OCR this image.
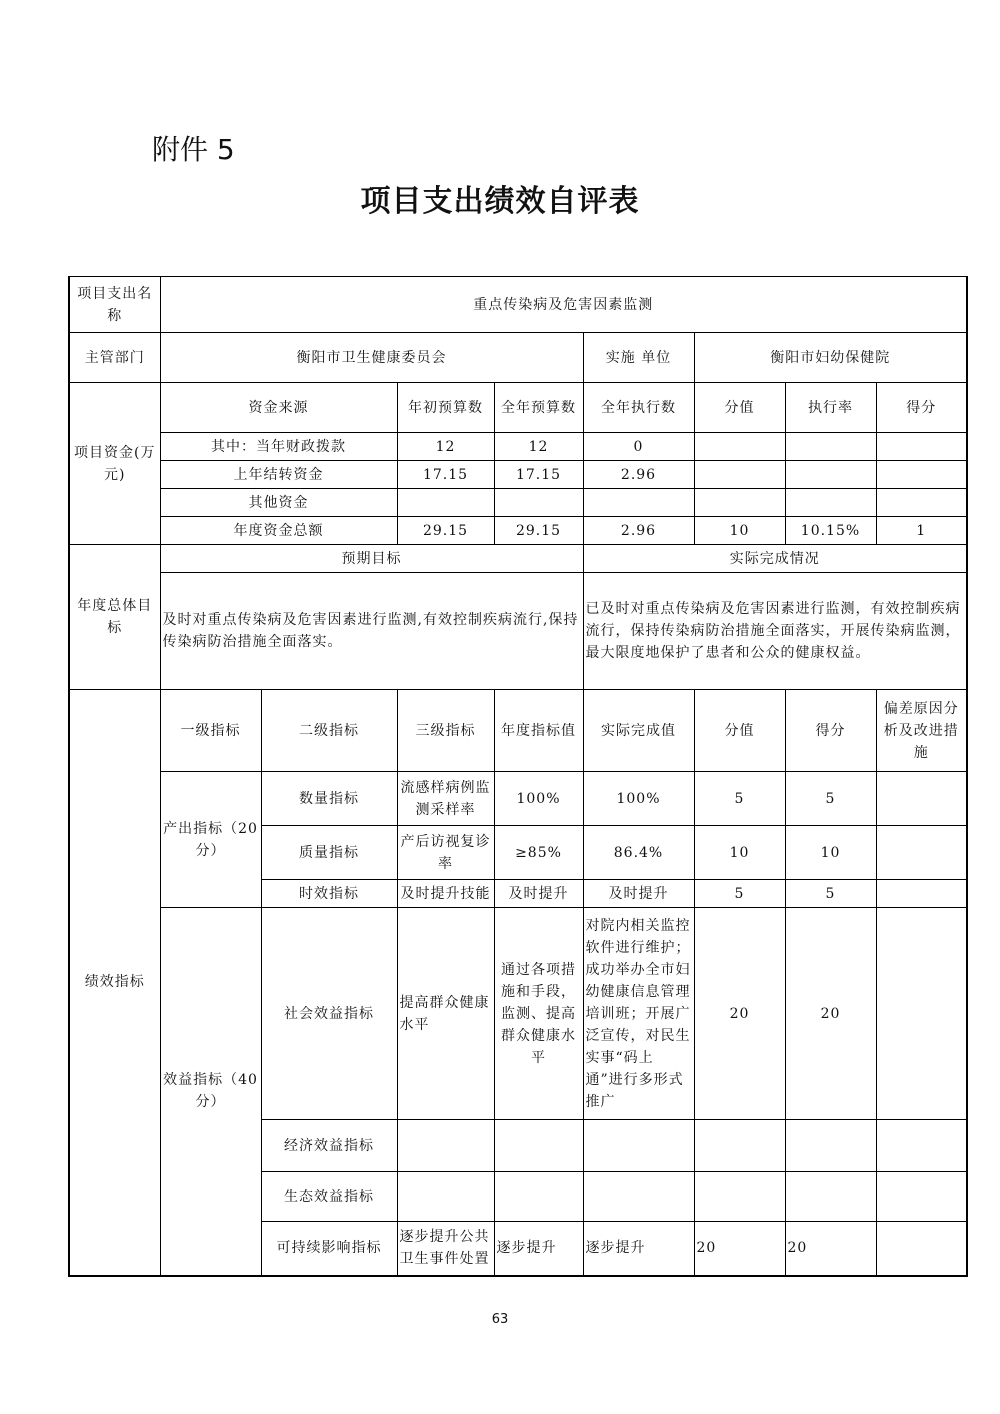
附件 5
项目支出绩效自评表
项目支出名称	重点传染病及危害因素监测							
主管部门	衡阳市卫生健康委员会				实施 单位	衡阳市妇幼保健院		
项目资金(万元)	资金来源		年初预算数	全年预算数	全年执行数	分值	执行率	得分
	其中：当年财政拨款		12	12	0			
	上年结转资金		17.15	17.15	2.96			
	其他资金							
	年度资金总额		29.15	29.15	2.96	10	10.15%	1
年度总体目标	预期目标				实际完成情况			
	及时对重点传染病及危害因素进行监测,有效控制疾病流行,保持传染病防治措施全面落实。				已及时对重点传染病及危害因素进行监测，有效控制疾病流行，保持传染病防治措施全面落实，开展传染病监测，最大限度地保护了患者和公众的健康权益。			
绩效指标	一级指标	二级指标	三级指标	年度指标值	实际完成值	分值	得分	偏差原因分析及改进措施
	产出指标（20分）	数量指标	流感样病例监测采样率	100%	100%	5	5	
		质量指标	产后访视复诊率	≥85%	86.4%	10	10	
		时效指标	及时提升技能	及时提升	及时提升	5	5	
	效益指标（40分）	社会效益指标	提高群众健康水平	通过各项措施和手段，监测、提高群众健康水平	对院内相关监控软件进行维护；成功举办全市妇幼健康信息管理培训班；开展广泛宣传，对民生实事“码上通”进行多形式推广	20	20	
		经济效益指标						
		生态效益指标						
		可持续影响指标	逐步提升公共卫生事件处置	逐步提升	逐步提升	20	20	
63
